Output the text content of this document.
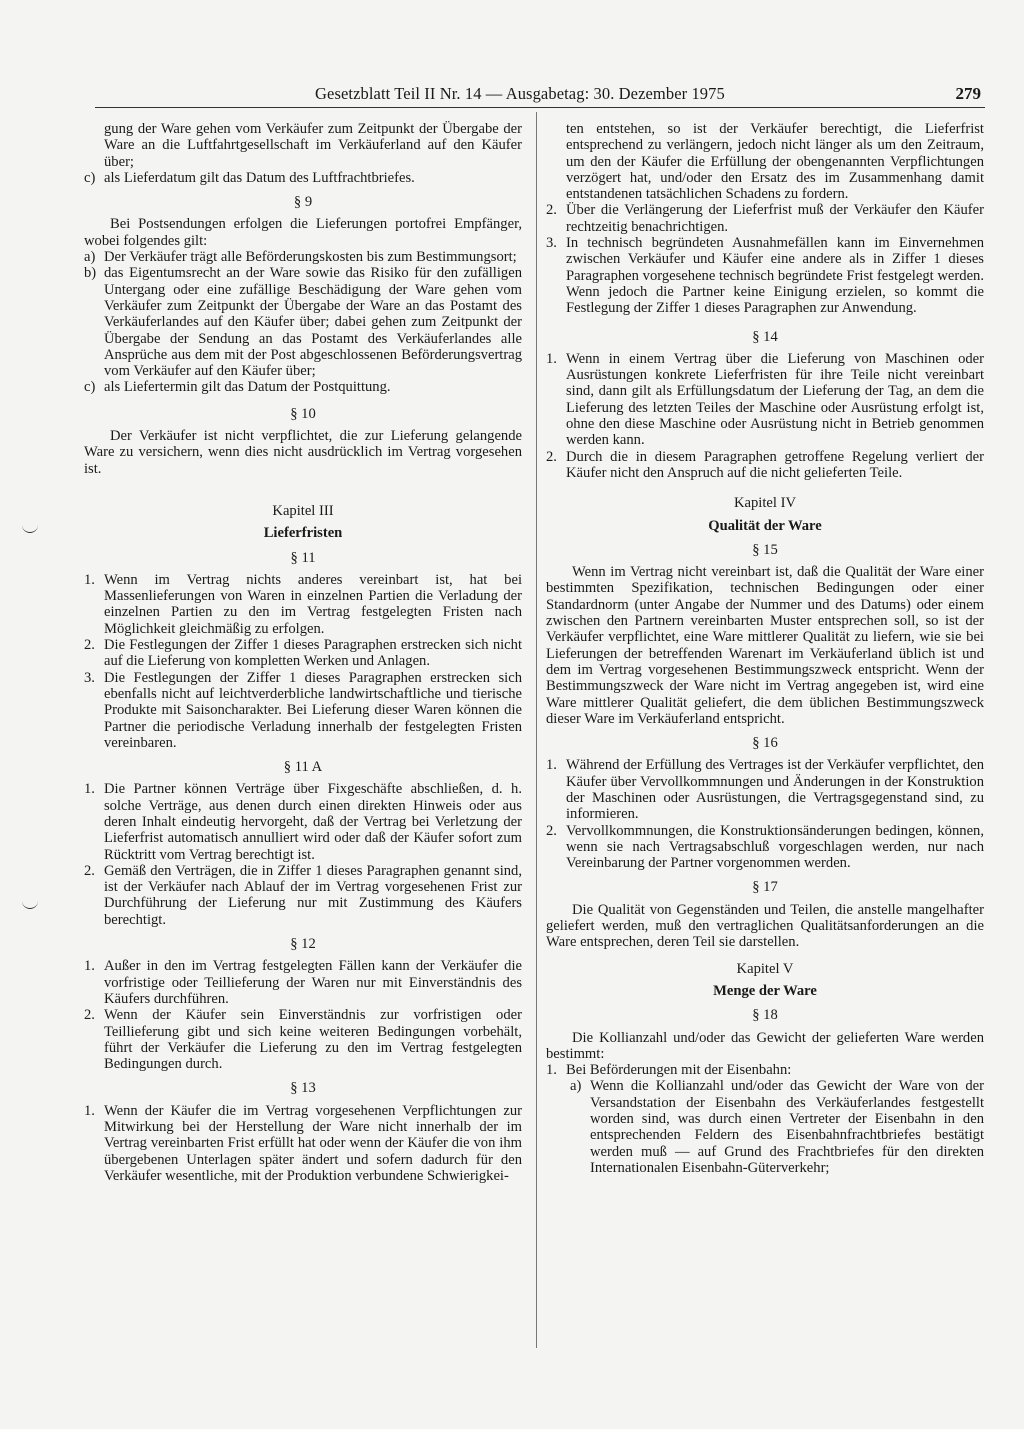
Gesetzblatt Teil II Nr. 14 — Ausgabetag: 30. Dezember 1975	279

gung der Ware gehen vom Verkäufer zum Zeitpunkt der Übergabe der Ware an die Luftfahrtgesellschaft im Verkäuferland auf den Käufer über;

c) als Lieferdatum gilt das Datum des Luftfrachtbriefes.

§ 9

Bei Postsendungen erfolgen die Lieferungen portofrei Empfänger, wobei folgendes gilt:

a) Der Verkäufer trägt alle Beförderungskosten bis zum Bestimmungsort;

b) das Eigentumsrecht an der Ware sowie das Risiko für den zufälligen Untergang oder eine zufällige Beschädigung der Ware gehen vom Verkäufer zum Zeitpunkt der Übergabe der Ware an das Postamt des Verkäuferlandes auf den Käufer über; dabei gehen zum Zeitpunkt der Übergabe der Sendung an das Postamt des Verkäuferlandes alle Ansprüche aus dem mit der Post abgeschlossenen Beförderungsvertrag vom Verkäufer auf den Käufer über;

c) als Liefertermin gilt das Datum der Postquittung.

§ 10

Der Verkäufer ist nicht verpflichtet, die zur Lieferung gelangende Ware zu versichern, wenn dies nicht ausdrücklich im Vertrag vorgesehen ist.

Kapitel III

Lieferfristen

§ 11

1. Wenn im Vertrag nichts anderes vereinbart ist, hat bei Massenlieferungen von Waren in einzelnen Partien die Verladung der einzelnen Partien zu den im Vertrag festgelegten Fristen nach Möglichkeit gleichmäßig zu erfolgen.

2. Die Festlegungen der Ziffer 1 dieses Paragraphen erstrecken sich nicht auf die Lieferung von kompletten Werken und Anlagen.

3. Die Festlegungen der Ziffer 1 dieses Paragraphen erstrecken sich ebenfalls nicht auf leichtverderbliche landwirtschaftliche und tierische Produkte mit Saisoncharakter. Bei Lieferung dieser Waren können die Partner die periodische Verladung innerhalb der festgelegten Fristen vereinbaren.

§ 11 A

1. Die Partner können Verträge über Fixgeschäfte abschließen, d. h. solche Verträge, aus denen durch einen direkten Hinweis oder aus deren Inhalt eindeutig hervorgeht, daß der Vertrag bei Verletzung der Lieferfrist automatisch annulliert wird oder daß der Käufer sofort zum Rücktritt vom Vertrag berechtigt ist.

2. Gemäß den Verträgen, die in Ziffer 1 dieses Paragraphen genannt sind, ist der Verkäufer nach Ablauf der im Vertrag vorgesehenen Frist zur Durchführung der Lieferung nur mit Zustimmung des Käufers berechtigt.

§ 12

1. Außer in den im Vertrag festgelegten Fällen kann der Verkäufer die vorfristige oder Teillieferung der Waren nur mit Einverständnis des Käufers durchführen.

2. Wenn der Käufer sein Einverständnis zur vorfristigen oder Teillieferung gibt und sich keine weiteren Bedingungen vorbehält, führt der Verkäufer die Lieferung zu den im Vertrag festgelegten Bedingungen durch.

§ 13

1. Wenn der Käufer die im Vertrag vorgesehenen Verpflichtungen zur Mitwirkung bei der Herstellung der Ware nicht innerhalb der im Vertrag vereinbarten Frist erfüllt hat oder wenn der Käufer die von ihm übergebenen Unterlagen später ändert und sofern dadurch für den Verkäufer wesentliche, mit der Produktion verbundene Schwierigkei-

ten entstehen, so ist der Verkäufer berechtigt, die Lieferfrist entsprechend zu verlängern, jedoch nicht länger als um den Zeitraum, um den der Käufer die Erfüllung der obengenannten Verpflichtungen verzögert hat, und/oder den Ersatz des im Zusammenhang damit entstandenen tatsächlichen Schadens zu fordern.

2. Über die Verlängerung der Lieferfrist muß der Verkäufer den Käufer rechtzeitig benachrichtigen.

3. In technisch begründeten Ausnahmefällen kann im Einvernehmen zwischen Verkäufer und Käufer eine andere als in Ziffer 1 dieses Paragraphen vorgesehene technisch begründete Frist festgelegt werden. Wenn jedoch die Partner keine Einigung erzielen, so kommt die Festlegung der Ziffer 1 dieses Paragraphen zur Anwendung.

§ 14

1. Wenn in einem Vertrag über die Lieferung von Maschinen oder Ausrüstungen konkrete Lieferfristen für ihre Teile nicht vereinbart sind, dann gilt als Erfüllungsdatum der Lieferung der Tag, an dem die Lieferung des letzten Teiles der Maschine oder Ausrüstung erfolgt ist, ohne den diese Maschine oder Ausrüstung nicht in Betrieb genommen werden kann.

2. Durch die in diesem Paragraphen getroffene Regelung verliert der Käufer nicht den Anspruch auf die nicht gelieferten Teile.

Kapitel IV

Qualität der Ware

§ 15

Wenn im Vertrag nicht vereinbart ist, daß die Qualität der Ware einer bestimmten Spezifikation, technischen Bedingungen oder einer Standardnorm (unter Angabe der Nummer und des Datums) oder einem zwischen den Partnern vereinbarten Muster entsprechen soll, so ist der Verkäufer verpflichtet, eine Ware mittlerer Qualität zu liefern, wie sie bei Lieferungen der betreffenden Warenart im Verkäuferland üblich ist und dem im Vertrag vorgesehenen Bestimmungszweck entspricht. Wenn der Bestimmungszweck der Ware nicht im Vertrag angegeben ist, wird eine Ware mittlerer Qualität geliefert, die dem üblichen Bestimmungszweck dieser Ware im Verkäuferland entspricht.

§ 16

1. Während der Erfüllung des Vertrages ist der Verkäufer verpflichtet, den Käufer über Vervollkommnungen und Änderungen in der Konstruktion der Maschinen oder Ausrüstungen, die Vertragsgegenstand sind, zu informieren.

2. Vervollkommnungen, die Konstruktionsänderungen bedingen, können, wenn sie nach Vertragsabschluß vorgeschlagen werden, nur nach Vereinbarung der Partner vorgenommen werden.

§ 17

Die Qualität von Gegenständen und Teilen, die anstelle mangelhafter geliefert werden, muß den vertraglichen Qualitätsanforderungen an die Ware entsprechen, deren Teil sie darstellen.

Kapitel V

Menge der Ware

§ 18

Die Kollianzahl und/oder das Gewicht der gelieferten Ware werden bestimmt:

1. Bei Beförderungen mit der Eisenbahn:

a) Wenn die Kollianzahl und/oder das Gewicht der Ware von der Versandstation der Eisenbahn des Verkäuferlandes festgestellt worden sind, was durch einen Vertreter der Eisenbahn in den entsprechenden Feldern des Eisenbahnfrachtbriefes bestätigt werden muß — auf Grund des Frachtbriefes für den direkten Internationalen Eisenbahn-Güterverkehr;
